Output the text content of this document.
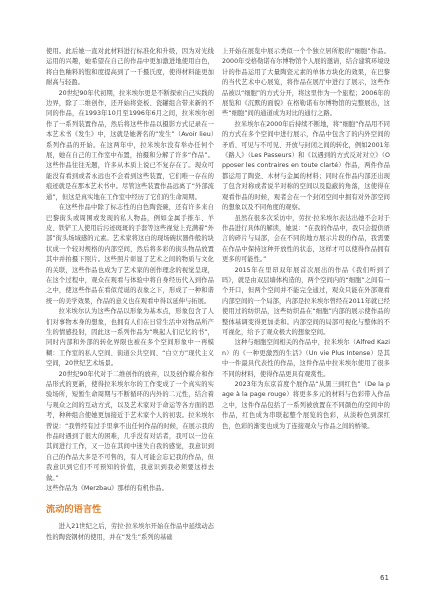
使用。此后她一直对此材料进行标准化和升级，因为对光线运用的兴趣，她希望在自己的作品中更加激进地使用白色，将白色釉料的饱和度提高到了一千摄氏度，使得材料能更加耐高与轻盈。

20世纪90年代初期，拉米埃尔更是不断探索自己实践的边界，除了二维创作，还开始将瓷板、瓷罐组合带来新的不同的作品，在1993年10月至1996年6月之间，拉米埃尔创作了一系列装置作品，然后将这些作品以摄影方式记录在一本艺术书《发生》中，这就是她著名的“发生”（Avoir lieu）系列作品的开始。在这两年中，拉米埃尔没有举办任何个展，她在自己的工作室中布置，拍摄和分解了许多“作品”。这些作品往往无题，许多从本质上说已不复存在了。现众可能没有看到或者永远也不会看到这些装置，它们唯一存在的痕迹就是在那本艺术书中。尽管这些装置作品远离了“外部流通”，但这是真实地在工作室中经历了它们的生命周期。

在这些作品中除了标志性的白色陶瓷碗，还有许多来自巴黎街头或周围或发现的私人物品，例如金属手推车、羊皮、铁铲工人使用后污迹斑斑的手套等这些视觉上充满着“外部”街头场域感的元素。艺术家将这白的现场碗状器件般的块状成一个较对规格的内部空间，然后将多彩的街头物品放置其中并拍摄下照片。这些照片彰显了艺术之间的物质与文化的关联，这些作品也成为了艺术家的创作理念的视觉呈现，在这个过程中，观众在观看与体验中将自身经历代入到作品之中，使这些作品在看似荒诞的表象之下，形成了一种和谐统一的美学效果，作品的意义也在观看中得以延伸与拓展。

拉米埃尔认为这些作品以形象为基本点，形象包含了人们对事物本身的想象，也拥有人们在日常生活中对物品所产生的情感投射，因此这一系列作品为“唤起人们记忆的书”，同时内部和外部的转化界限也被在多个空间形象中一再模糊：工作室的私人空间、街道公共空间、“白立方”现代主义空间，20世纪艺术场景。

20世纪90年代对于二维创作的放弃，以及创作媒介和作品形式的更新，使得拉米埃尔尔的工作变成了一个真实的实验场所，短暂生命周期与不断循环的内外的二元性，结合着与观众之间的互动方式，以及艺术家对于命运等各方面的思考，种种组合使她更加接近于艺术家个人的初衷。拉米埃尔曾说：“我曾经有过手里拿不出任何作品的时候，在展示我的作品时遇到了很大的困难，几乎没有对话者，我可以一边在其间进行工作，又一边在其间中迷失自我的感觉，我意识到自己的作品大多是不可售的，有人可能会忘记我的作品，但我意识到它们不可预知的价值，我意识到我必须要这样去做。”

这些作品为《Merzbau》那样的有机作品。

流动的语言性

进入21世纪之后，劳拉·拉米埃尔开始在作品中延续动态性的陶瓷钢材的使用，并在“发生”系列的基础

上开始在展览中展示类似一个个独立居所般的“细胞”作品。2000年受格勒诺布尔博物馆个人展的邀请，结合建筑环境设计的作品运用了大量陶瓷元素的单体方块化的效果，在巴黎的当代艺术中心展览，将作品在展厅中进行了展示，这些作品被以“细胞”的方式分开，将这里作为一个旅程；2006年的展览和《沉默的面貌》在格勒诺布尔博物馆的完整展出，这些“细胞”间的通道成为对比的通行之路。

拉米埃尔在2000年后持续不断地，将“细胞”作品用不同的方式在多个空间中进行展示，作品中包含了的内外空间的矛盾、可见与不可见、开放与封闭之间的转化，例如2001年《路人》（Les Passeurs）和《以遇到的方式反对对立》（Opposer les contraires en toute clarté）作品，两件作品都运用了陶瓷、木材与金属的材料；同时在作品内部还出现了包含对称或者说半对称的空间以及隐蔽的角落，这使得在观看作品的时候，观者会在一个封闭空间中拥有对外部空间的想象以及不同角度的观察。

虽然在很多次采访中，劳拉·拉米埃尔表达出她不会对于作品进行具体的解读，她说：“在我的作品中，我只会提供语言的碎片与局部，会在不同的地方展示片段的作品，我需要在作品中保持这种开放性的状态，这样才可以使得作品拥有更多的可能性。”

2015年在里昂双年展首次展出的作品《我们听到了吗》，就是由双层墙体构造的，两个空间内的“细胞”之间有一个开口，但两个空间并不能完全通过，观众只能在外部观看内部空间的一个局部，内部是拉米埃尔曾经在2011年就已经使用过的纺织品，这些纺织品在“细胞”内部的展示使作品的整体基调变得更加柔和。内部空间的局部可视化与整体的不可视化，给予了观众极大的想象空间。

这种与细胞空间相关的作品中，拉米埃尔（Alfred Kazin）的《一种更激烈的生活》（Un vie Plus Intense）是其中一件最具代表性的作品，这件作品中拉米埃尔使用了很多不同的材料，使得作品更具有观赏性。

2023年为东京首度个展作品“从黑三到红色”（De la page à la page rouge）将更多多元的材料与色彩带入作品之中，这件作品包括了一系列被放置在不同颜色的空间中的作品，红色成为串联起整个展览的色彩，从淡粉色到深红色，色彩的渐变也成为了连接观众与作品之间的桥梁。

61
